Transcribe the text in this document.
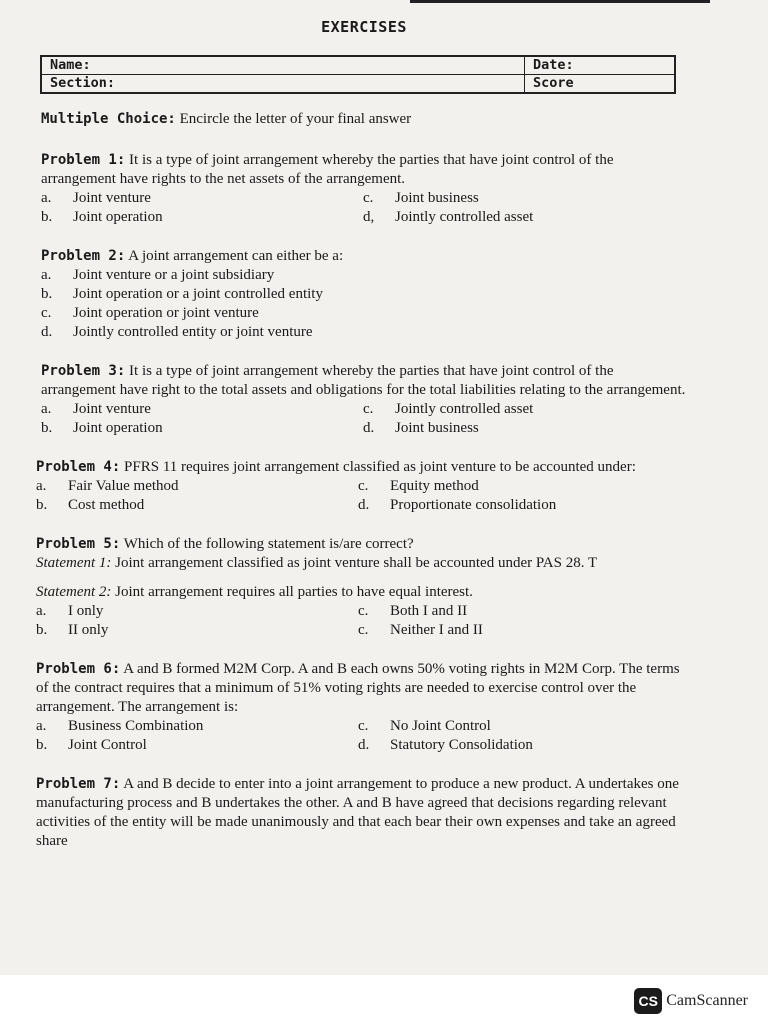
EXERCISES
Name:	Date:
Section:	Score
Multiple Choice: Encircle the letter of your final answer
Problem 1: It is a type of joint arrangement whereby the parties that have joint control of the arrangement have rights to the net assets of the arrangement.
a.	Joint venture	c.	Joint business
b.	Joint operation	d,	Jointly controlled asset
Problem 2: A joint arrangement can either be a:
a.	Joint venture or a joint subsidiary
b.	Joint operation or a joint controlled entity
c.	Joint operation or joint venture
d.	Jointly controlled entity or joint venture
Problem 3: It is a type of joint arrangement whereby the parties that have joint control of the arrangement have right to the total assets and obligations for the total liabilities relating to the arrangement.
a.	Joint venture	c.	Jointly controlled asset
b.	Joint operation	d.	Joint business
Problem 4: PFRS 11 requires joint arrangement classified as joint venture to be accounted under:
a.	Fair Value method	c.	Equity method
b.	Cost method	d.	Proportionate consolidation
Problem 5: Which of the following statement is/are correct?
Statement 1: Joint arrangement classified as joint venture shall be accounted under PAS 28. T
Statement 2: Joint arrangement requires all parties to have equal interest.
a.	I only	c.	Both I and II
b.	II only	c.	Neither I and II
Problem 6: A and B formed M2M Corp. A and B each owns 50% voting rights in M2M Corp. The terms of the contract requires that a minimum of 51% voting rights are needed to exercise control over the arrangement. The arrangement is:
a.	Business Combination	c.	No Joint Control
b.	Joint Control	d.	Statutory Consolidation
Problem 7: A and B decide to enter into a joint arrangement to produce a new product. A undertakes one manufacturing process and B undertakes the other. A and B have agreed that decisions regarding relevant activities of the entity will be made unanimously and that each bear their own expenses and take an agreed share
CS CamScanner
